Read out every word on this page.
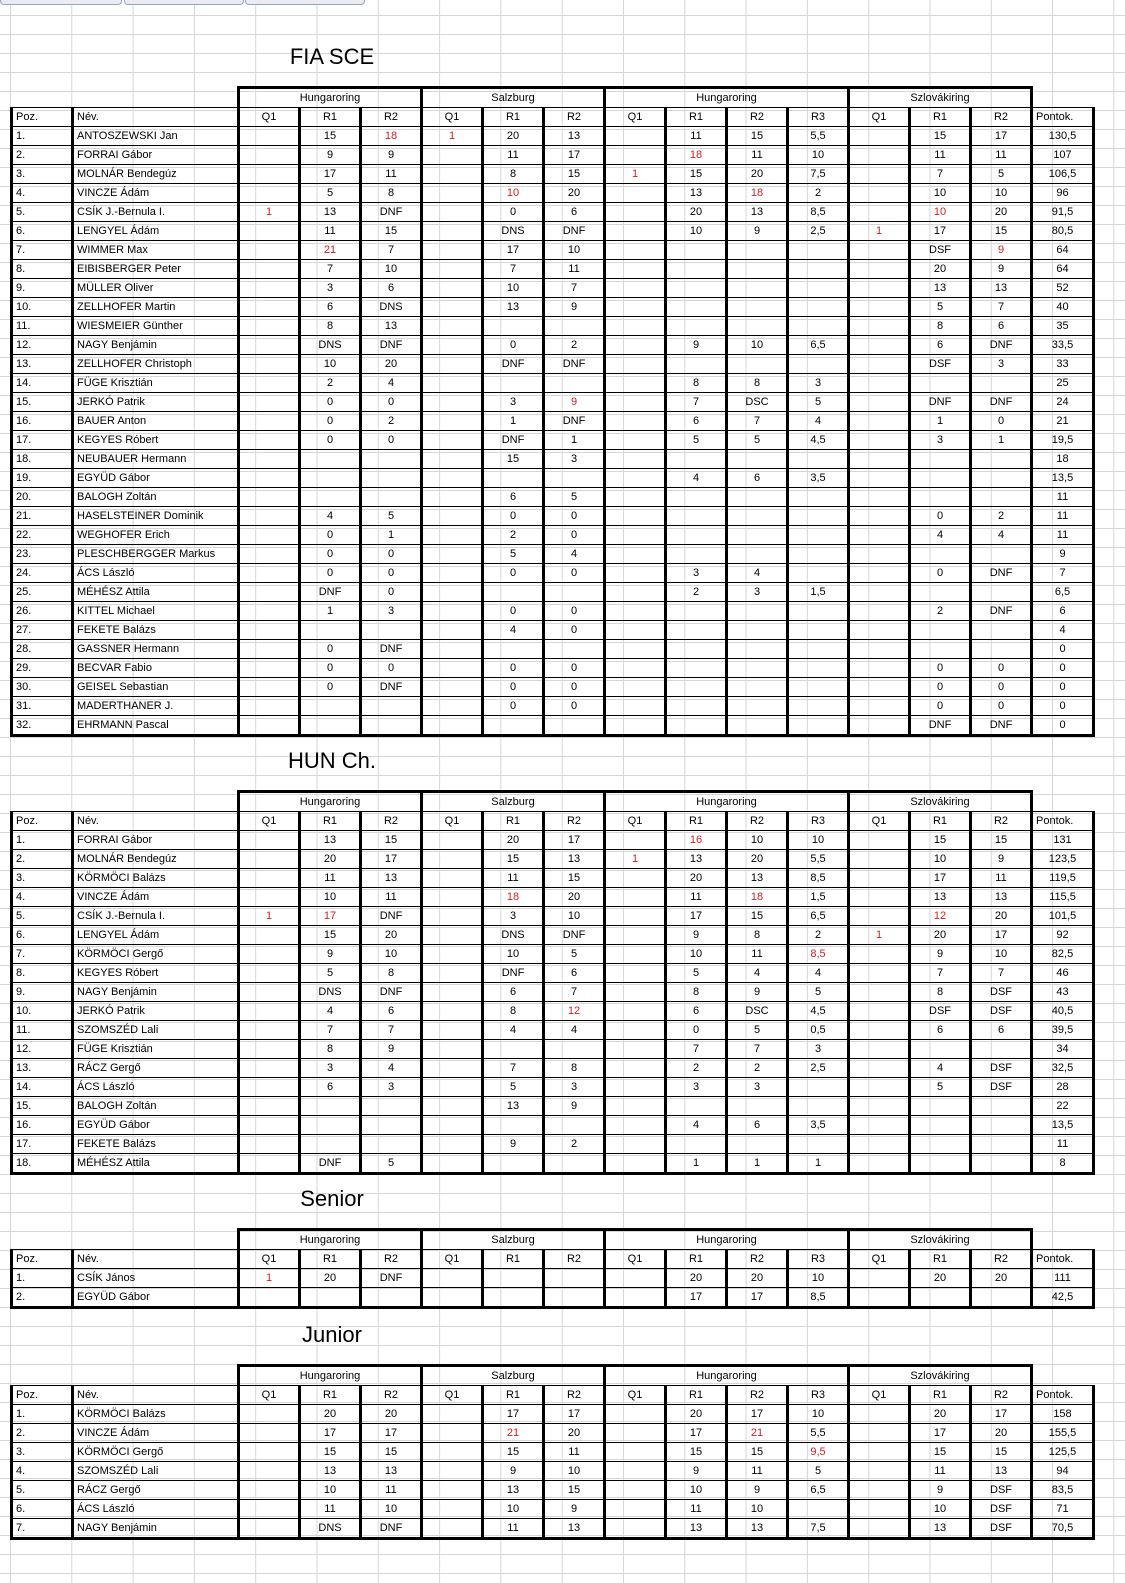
FIA SCE
		Hungaroring			Salzburg			Hungaroring				Szlovákiring			
Poz.	Név.	Q1	R1	R2	Q1	R1	R2	Q1	R1	R2	R3	Q1	R1	R2	Pontok.
1.	ANTOSZEWSKI Jan		15	18	1	20	13		11	15	5,5		15	17	130,5
2.	FORRAI Gábor		9	9		11	17		18	11	10		11	11	107
3.	MOLNÁR Bendegúz		17	11		8	15	1	15	20	7,5		7	5	106,5
4.	VINCZE Ádám		5	8		10	20		13	18	2		10	10	96
5.	CSÍK J.-Bernula I.	1	13	DNF		0	6		20	13	8,5		10	20	91,5
6.	LENGYEL Ádám		11	15		DNS	DNF		10	9	2,5	1	17	15	80,5
7.	WIMMER Max		21	7		17	10						DSF	9	64
8.	EIBISBERGER Peter		7	10		7	11						20	9	64
9.	MÜLLER Oliver		3	6		10	7						13	13	52
10.	ZELLHOFER Martin		6	DNS		13	9						5	7	40
11.	WIESMEIER Günther		8	13									8	6	35
12.	NAGY Benjámin		DNS	DNF		0	2		9	10	6,5		6	DNF	33,5
13.	ZELLHOFER Christoph		10	20		DNF	DNF						DSF	3	33
14.	FÜGE Krisztián		2	4					8	8	3				25
15.	JERKÓ Patrik		0	0		3	9		7	DSC	5		DNF	DNF	24
16.	BAUER Anton		0	2		1	DNF		6	7	4		1	0	21
17.	KEGYES Róbert		0	0		DNF	1		5	5	4,5		3	1	19,5
18.	NEUBAUER Hermann					15	3								18
19.	EGYÜD Gábor								4	6	3,5				13,5
20.	BALOGH Zoltán					6	5								11
21.	HASELSTEINER Dominik		4	5		0	0						0	2	11
22.	WEGHOFER Erich		0	1		2	0						4	4	11
23.	PLESCHBERGGER Markus		0	0		5	4								9
24.	ÁCS László		0	0		0	0		3	4			0	DNF	7
25.	MÉHÉSZ Attila		DNF	0					2	3	1,5				6,5
26.	KITTEL Michael		1	3		0	0						2	DNF	6
27.	FEKETE Balázs					4	0								4
28.	GASSNER Hermann		0	DNF											0
29.	BECVAR Fabio		0	0		0	0						0	0	0
30.	GEISEL Sebastian		0	DNF		0	0						0	0	0
31.	MADERTHANER J.					0	0						0	0	0
32.	EHRMANN Pascal												DNF	DNF	0
HUN Ch.
		Hungaroring			Salzburg			Hungaroring				Szlovákiring			
Poz.	Név.	Q1	R1	R2	Q1	R1	R2	Q1	R1	R2	R3	Q1	R1	R2	Pontok.
1.	FORRAI Gábor		13	15		20	17		16	10	10		15	15	131
2.	MOLNÁR Bendegúz		20	17		15	13	1	13	20	5,5		10	9	123,5
3.	KÖRMÖCI Balázs		11	13		11	15		20	13	8,5		17	11	119,5
4.	VINCZE Ádám		10	11		18	20		11	18	1,5		13	13	115,5
5.	CSÍK J.-Bernula I.	1	17	DNF		3	10		17	15	6,5		12	20	101,5
6.	LENGYEL Ádám		15	20		DNS	DNF		9	8	2	1	20	17	92
7.	KÖRMÖCI Gergő		9	10		10	5		10	11	8,5		9	10	82,5
8.	KEGYES Róbert		5	8		DNF	6		5	4	4		7	7	46
9.	NAGY Benjámin		DNS	DNF		6	7		8	9	5		8	DSF	43
10.	JERKÓ Patrik		4	6		8	12		6	DSC	4,5		DSF	DSF	40,5
11.	SZOMSZÉD Lali		7	7		4	4		0	5	0,5		6	6	39,5
12.	FÜGE Krisztián		8	9					7	7	3				34
13.	RÁCZ Gergő		3	4		7	8		2	2	2,5		4	DSF	32,5
14.	ÁCS László		6	3		5	3		3	3			5	DSF	28
15.	BALOGH Zoltán					13	9								22
16.	EGYÜD Gábor								4	6	3,5				13,5
17.	FEKETE Balázs					9	2								11
18.	MÉHÉSZ Attila		DNF	5					1	1	1				8
Senior
		Hungaroring			Salzburg			Hungaroring				Szlovákiring			
Poz.	Név.	Q1	R1	R2	Q1	R1	R2	Q1	R1	R2	R3	Q1	R1	R2	Pontok.
1.	CSÍK János	1	20	DNF					20	20	10		20	20	111
2.	EGYÜD Gábor								17	17	8,5				42,5
Junior
		Hungaroring			Salzburg			Hungaroring				Szlovákiring			
Poz.	Név.	Q1	R1	R2	Q1	R1	R2	Q1	R1	R2	R3	Q1	R1	R2	Pontok.
1.	KÖRMÖCI Balázs		20	20		17	17		20	17	10		20	17	158
2.	VINCZE Ádám		17	17		21	20		17	21	5,5		17	20	155,5
3.	KÖRMÖCI Gergő		15	15		15	11		15	15	9,5		15	15	125,5
4.	SZOMSZÉD Lali		13	13		9	10		9	11	5		11	13	94
5.	RÁCZ Gergő		10	11		13	15		10	9	6,5		9	DSF	83,5
6.	ÁCS László		11	10		10	9		11	10			10	DSF	71
7.	NAGY Benjámin		DNS	DNF		11	13		13	13	7,5		13	DSF	70,5
